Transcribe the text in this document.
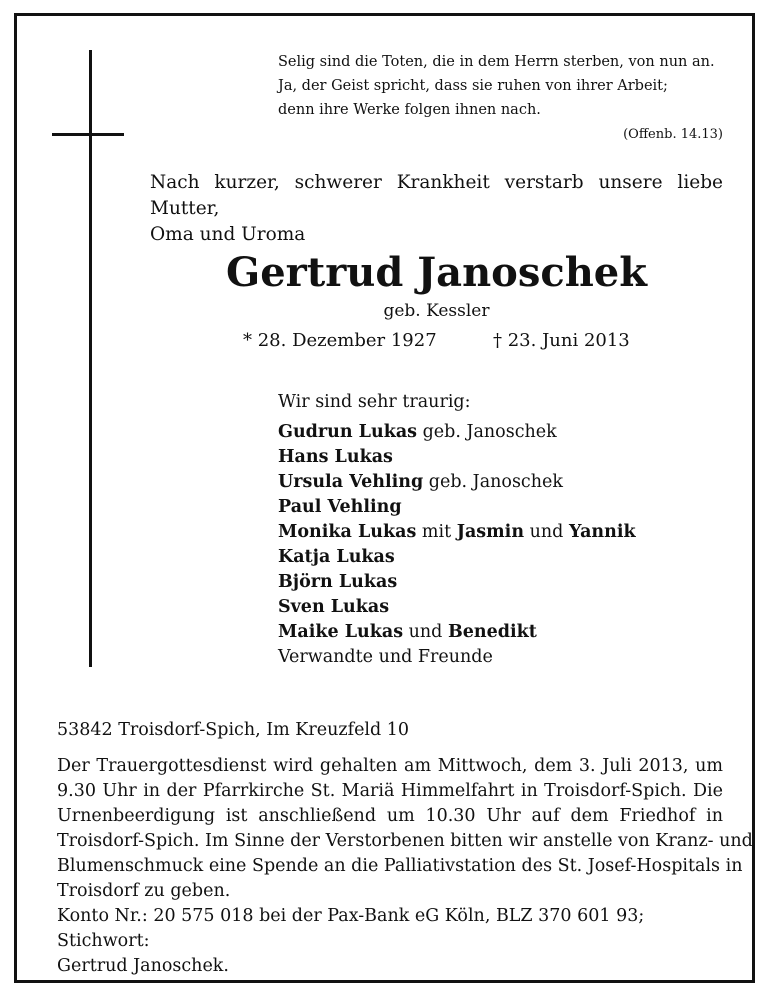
Selig sind die Toten, die in dem Herrn sterben, von nun an.
Ja, der Geist spricht, dass sie ruhen von ihrer Arbeit;
denn ihre Werke folgen ihnen nach.
(Offenb. 14.13)
Nach kurzer, schwerer Krankheit verstarb unsere liebe Mutter,
Oma und Uroma
Gertrud Janoschek
geb. Kessler
* 28. Dezember 1927	† 23. Juni 2013
Wir sind sehr traurig:
Gudrun Lukas geb. Janoschek
Hans Lukas
Ursula Vehling geb. Janoschek
Paul Vehling
Monika Lukas mit Jasmin und Yannik
Katja Lukas
Björn Lukas
Sven Lukas
Maike Lukas und Benedikt
Verwandte und Freunde
53842 Troisdorf-Spich, Im Kreuzfeld 10
Der Trauergottesdienst wird gehalten am Mittwoch, dem 3. Juli 2013, um
9.30 Uhr in der Pfarrkirche St. Mariä Himmelfahrt in Troisdorf-Spich. Die
Urnenbeerdigung ist anschließend um 10.30 Uhr auf dem Friedhof in
Troisdorf-Spich. Im Sinne der Verstorbenen bitten wir anstelle von Kranz- und
Blumenschmuck eine Spende an die Palliativstation des St. Josef-Hospitals in
Troisdorf zu geben.
Konto Nr.: 20 575 018 bei der Pax-Bank eG Köln, BLZ 370 601 93; Stichwort:
Gertrud Janoschek.
